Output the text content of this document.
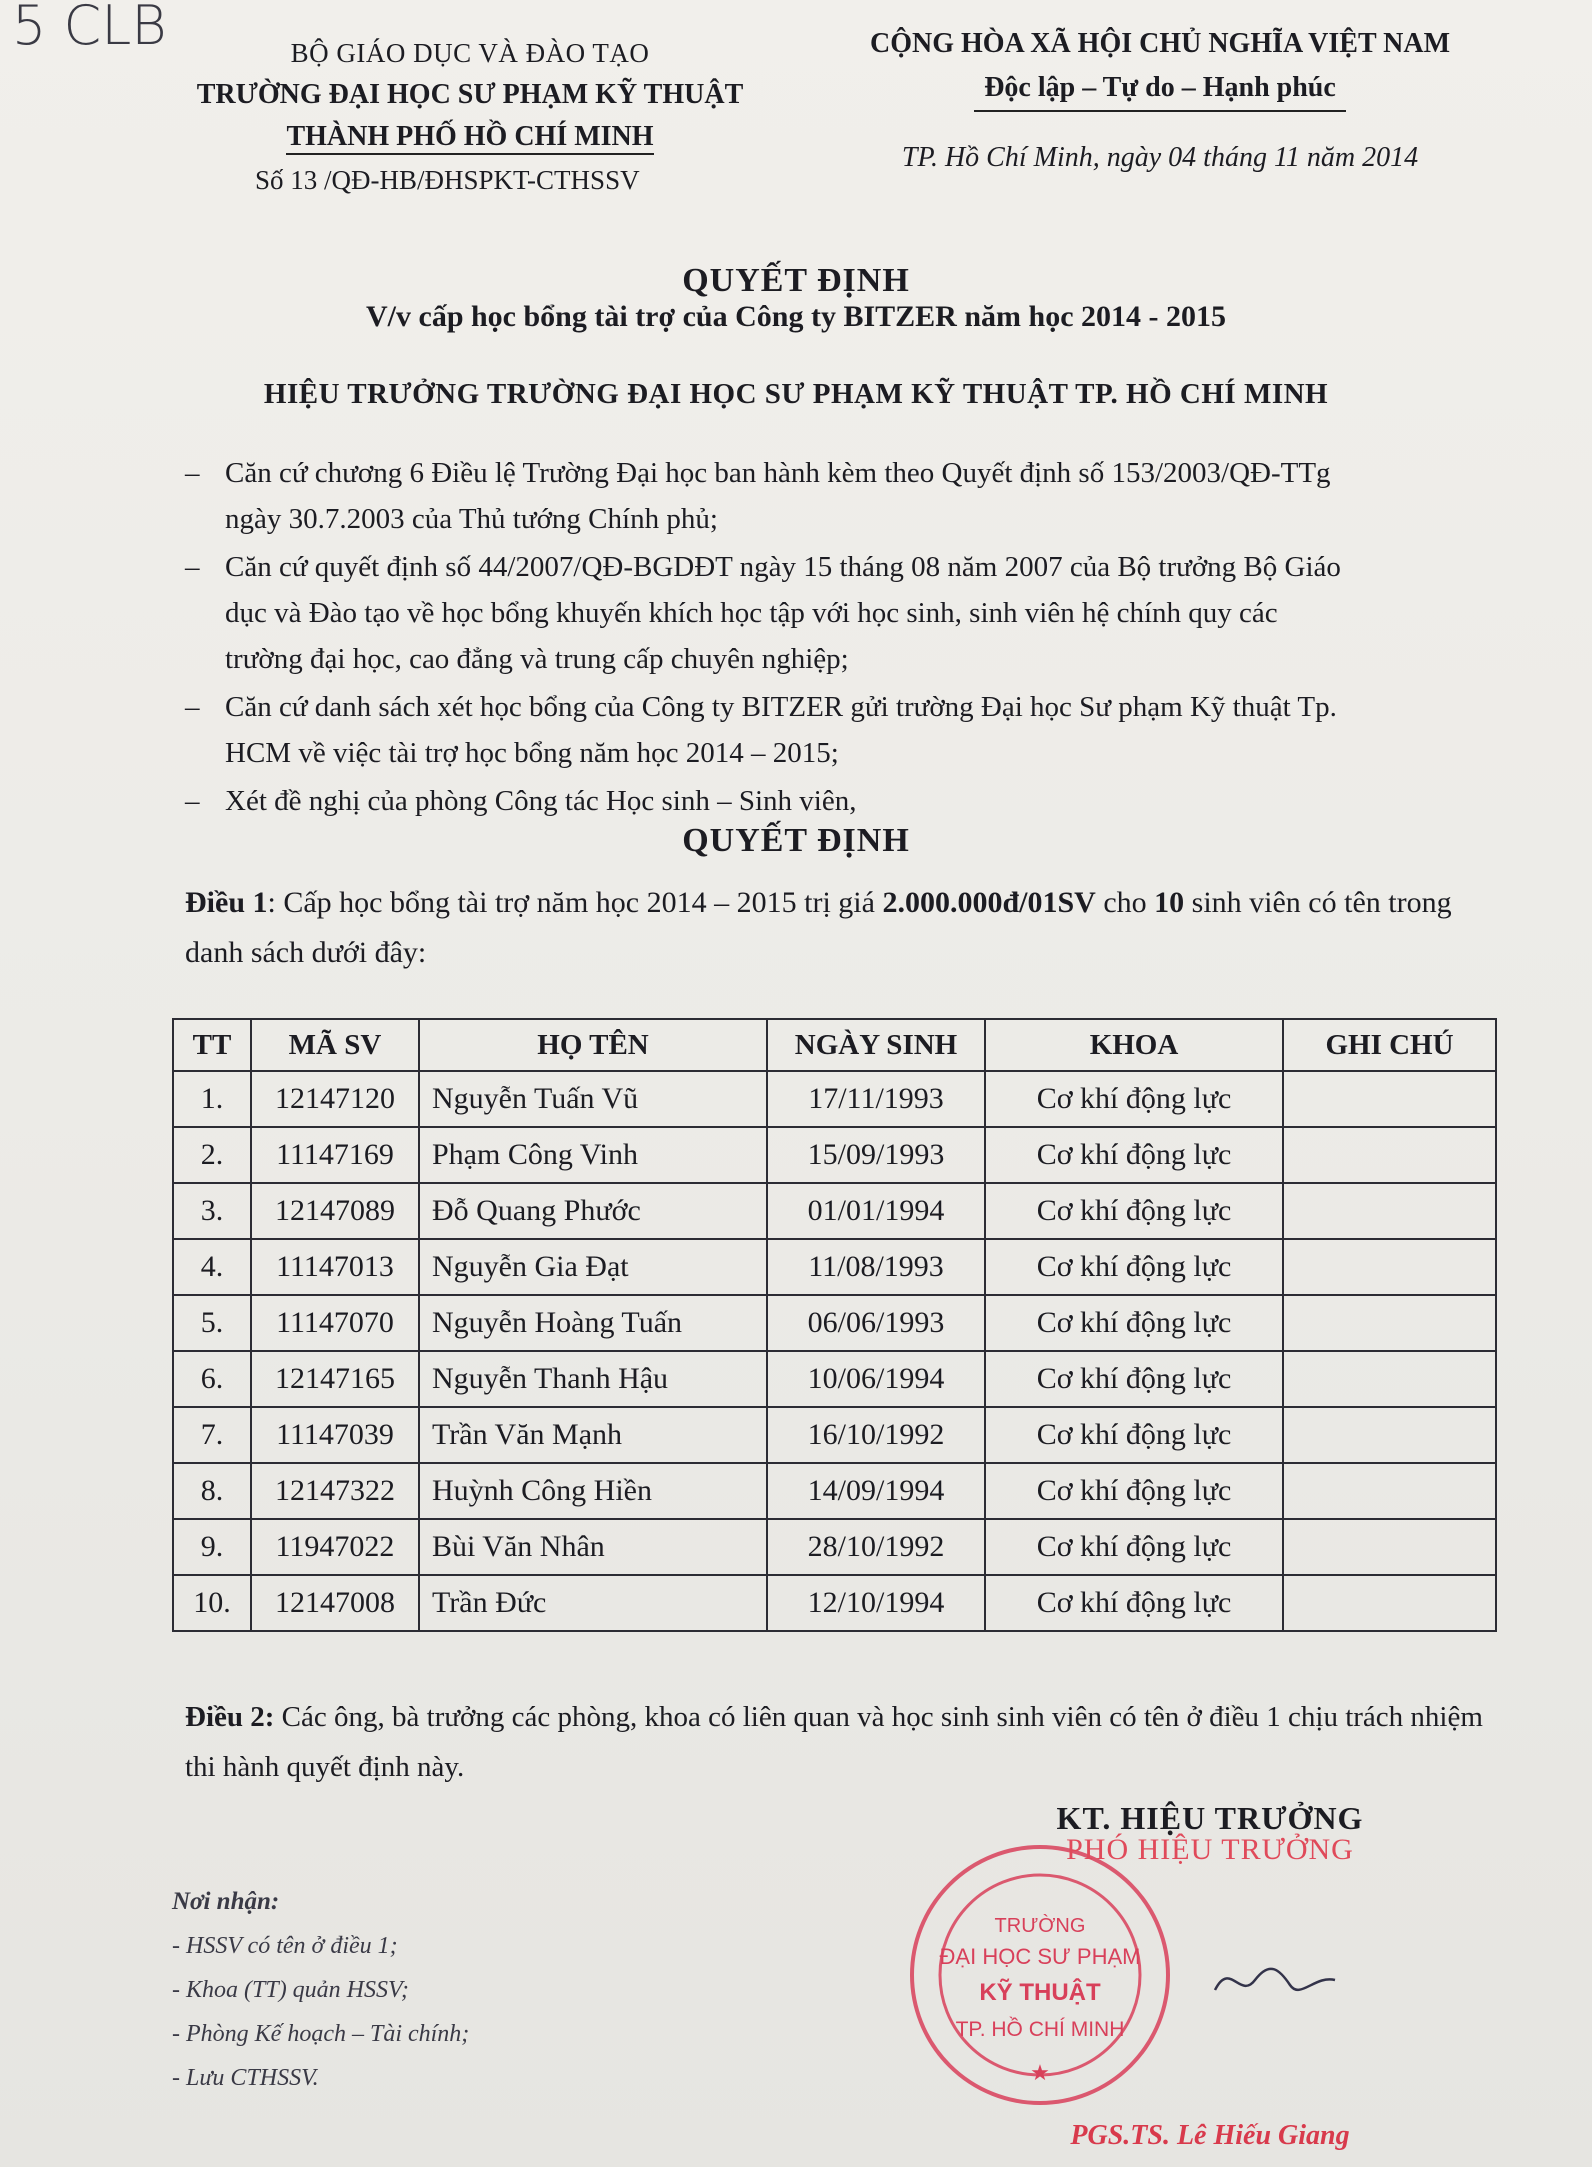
5 CLB	BỘ GIÁO DỤC VÀ ĐÀO TẠO
TRƯỜNG ĐẠI HỌC SƯ PHẠM KỸ THUẬT
THÀNH PHỐ HỒ CHÍ MINH
Số 13 /QĐ-HB/ĐHSPKT-CTHSSV
CỘNG HÒA XÃ HỘI CHỦ NGHĨA VIỆT NAM
Độc lập – Tự do – Hạnh phúc
TP. Hồ Chí Minh, ngày 04 tháng 11 năm 2014
QUYẾT ĐỊNH
V/v cấp học bổng tài trợ của Công ty BITZER năm học 2014 - 2015
HIỆU TRƯỞNG TRƯỜNG ĐẠI HỌC SƯ PHẠM KỸ THUẬT TP. HỒ CHÍ MINH
– Căn cứ chương 6 Điều lệ Trường Đại học ban hành kèm theo Quyết định số 153/2003/QĐ-TTg
ngày 30.7.2003 của Thủ tướng Chính phủ;
– Căn cứ quyết định số 44/2007/QĐ-BGDĐT ngày 15 tháng 08 năm 2007 của Bộ trưởng Bộ Giáo
dục và Đào tạo về học bổng khuyến khích học tập với học sinh, sinh viên hệ chính quy các
trường đại học, cao đẳng và trung cấp chuyên nghiệp;
– Căn cứ danh sách xét học bổng của Công ty BITZER gửi trường Đại học Sư phạm Kỹ thuật Tp.
HCM về việc tài trợ học bổng năm học 2014 – 2015;
– Xét đề nghị của phòng Công tác Học sinh – Sinh viên,
QUYẾT ĐỊNH
Điều 1: Cấp học bổng tài trợ năm học 2014 – 2015 trị giá 2.000.000đ/01SV cho 10 sinh viên có tên trong danh sách dưới đây:
TT	MÃ SV	HỌ TÊN	NGÀY SINH	KHOA	GHI CHÚ
1.	12147120	Nguyễn Tuấn Vũ	17/11/1993	Cơ khí động lực	
2.	11147169	Phạm Công Vinh	15/09/1993	Cơ khí động lực	
3.	12147089	Đỗ Quang Phước	01/01/1994	Cơ khí động lực	
4.	11147013	Nguyễn Gia Đạt	11/08/1993	Cơ khí động lực	
5.	11147070	Nguyễn Hoàng Tuấn	06/06/1993	Cơ khí động lực	
6.	12147165	Nguyễn Thanh Hậu	10/06/1994	Cơ khí động lực	
7.	11147039	Trần Văn Mạnh	16/10/1992	Cơ khí động lực	
8.	12147322	Huỳnh Công Hiền	14/09/1994	Cơ khí động lực	
9.	11947022	Bùi Văn Nhân	28/10/1992	Cơ khí động lực	
10.	12147008	Trần Đức	12/10/1994	Cơ khí động lực	
Điều 2: Các ông, bà trưởng các phòng, khoa có liên quan và học sinh sinh viên có tên ở điều 1 chịu trách nhiệm thi hành quyết định này.
Nơi nhận:
- HSSV có tên ở điều 1;
- Khoa (TT) quản HSSV;
- Phòng Kế hoạch – Tài chính;
- Lưu CTHSSV.
TRƯỜNG
ĐẠI HỌC SƯ PHẠM
KỸ THUẬT
TP. HỒ CHÍ MINH
★
KT. HIỆU TRƯỞNG
PHÓ HIỆU TRƯỞNG
PGS.TS. Lê Hiếu Giang
